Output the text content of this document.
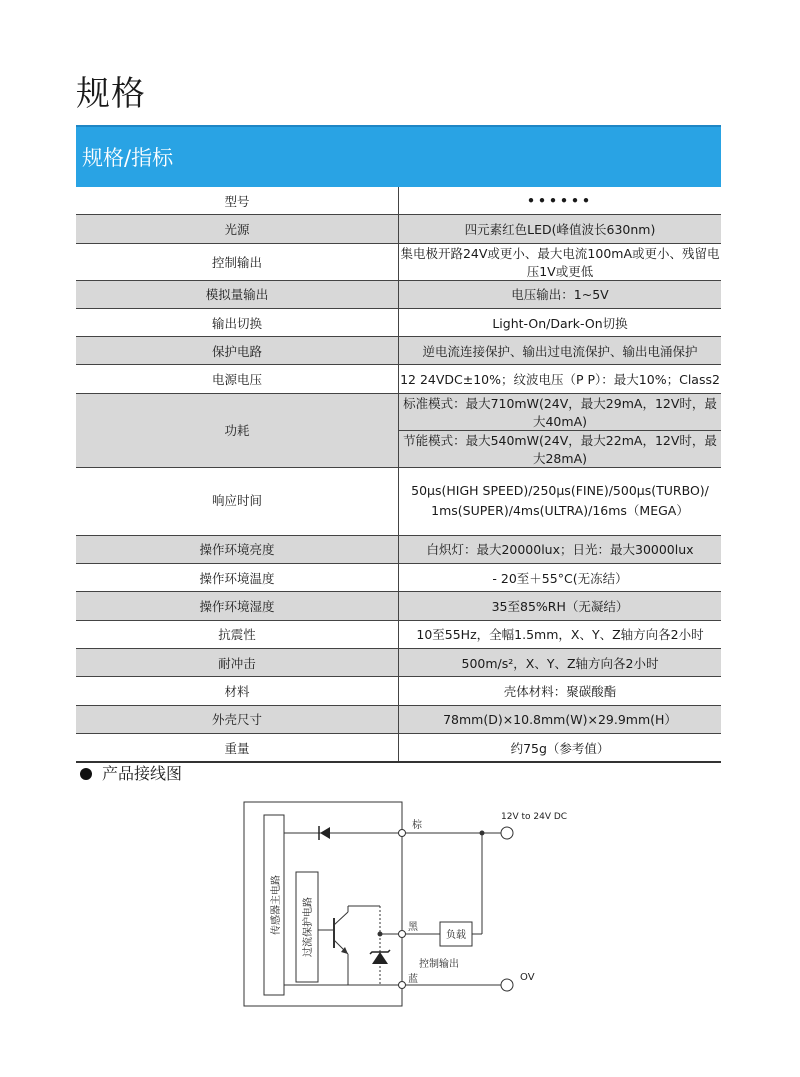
规格
规格/指标	
型号	••••••
光源	四元素红色LED(峰值波长630nm)
控制输出	集电极开路24V或更小、最大电流100mA或更小、残留电压1V或更低
模拟量输出	电压输出：1~5V
输出切换	Light-On/Dark-On切换
保护电路	逆电流连接保护、输出过电流保护、输出电涌保护
电源电压	12 24VDC±10%；纹波电压（P P）：最大10%；Class2
功耗	标准模式：最大710mW(24V，最大29mA，12V时，最大40mA)
	节能模式：最大540mW(24V，最大22mA，12V时，最大28mA)
响应时间	50μs(HIGH SPEED)/250μs(FINE)/500μs(TURBO)/
1ms(SUPER)/4ms(ULTRA)/16ms（MEGA）

操作环境亮度	白炽灯：最大20000lux；日光：最大30000lux
操作环境温度	- 20至＋55°C(无冻结）
操作环境湿度	35至85%RH（无凝结）
抗震性	10至55Hz，全幅1.5mm，X、Y、Z轴方向各2小时
耐冲击	500m/s²，X、Y、Z轴方向各2小时
材料	壳体材料：聚碳酸酯
外壳尺寸	78mm(D)×10.8mm(W)×29.9mm(H）
重量	约75g（参考值）
产品接线图
传感器主电路 过流保护电路
棕
黑
蓝
12V to 24V DC
负载
控制输出
OV
